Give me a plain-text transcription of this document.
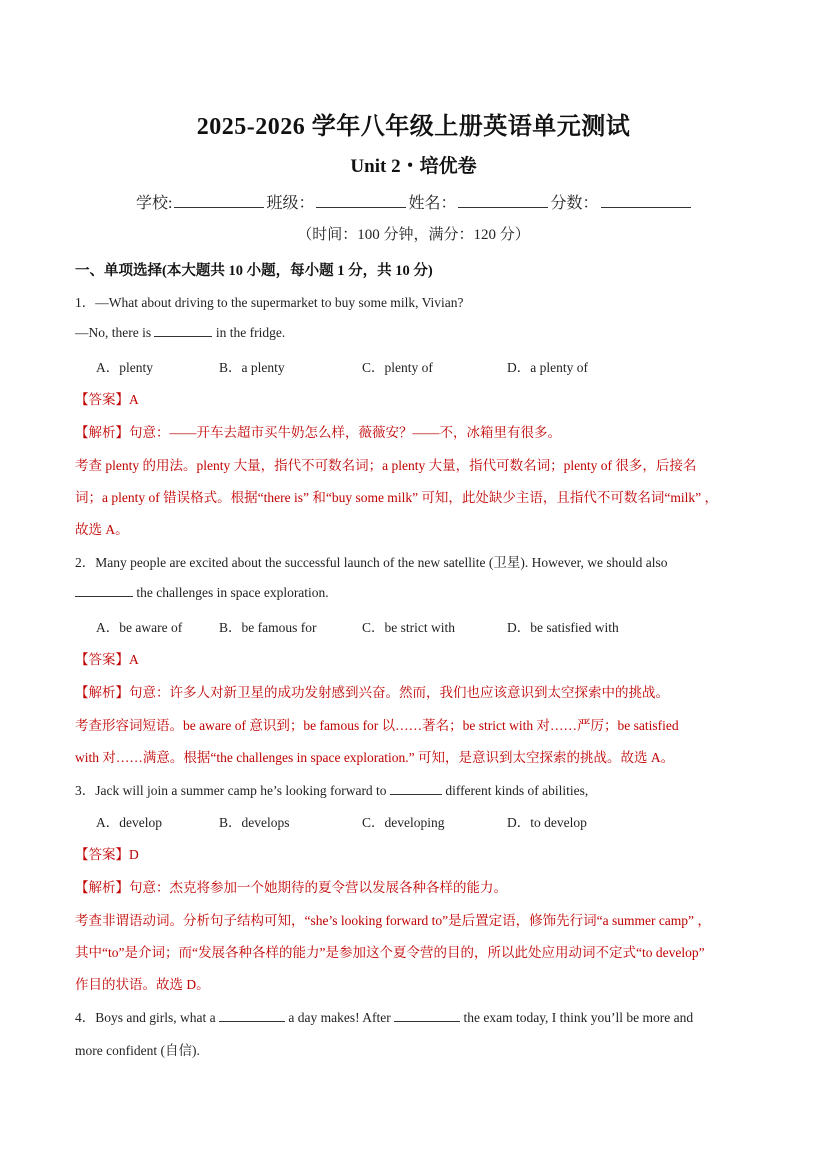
2025-2026 学年八年级上册英语单元测试
Unit 2・培优卷
学校:	班级：	姓名：	分数：
（时间：100 分钟，满分：120 分）
一、单项选择(本大题共 10 小题，每小题 1 分，共 10 分)
1．—What about driving to the supermarket to buy some milk, Vivian?
—No, there is	in the fridge.
A．plenty	B．a plenty	C．plenty of	D．a plenty of
【答案】A
【解析】句意：——开车去超市买牛奶怎么样，薇薇安？——不，冰箱里有很多。
考查 plenty 的用法。plenty 大量，指代不可数名词；a plenty 大量，指代可数名词；plenty of 很多，后接名
词；a plenty of 错误格式。根据“there is” 和“buy some milk” 可知，此处缺少主语，且指代不可数名词“milk” ，
故选 A。
2．Many people are excited about the successful launch of the new satellite (卫星). However, we should also
the challenges in space exploration.
A．be aware of	B．be famous for	C．be strict with	D．be satisfied with
【答案】A
【解析】句意：许多人对新卫星的成功发射感到兴奋。然而，我们也应该意识到太空探索中的挑战。
考查形容词短语。be aware of 意识到；be famous for 以……著名；be strict with 对……严厉；be satisfied
with 对……满意。根据“the challenges in space exploration.” 可知，是意识到太空探索的挑战。故选 A。
3．Jack will join a summer camp he’s looking forward to	different kinds of abilities,
A．develop	B．develops	C．developing	D．to develop
【答案】D
【解析】句意：杰克将参加一个她期待的夏令营以发展各种各样的能力。
考查非谓语动词。分析句子结构可知，“she’s looking forward to”是后置定语，修饰先行词“a summer camp” ，
其中“to”是介词；而“发展各种各样的能力”是参加这个夏令营的目的，所以此处应用动词不定式“to develop”
作目的状语。故选 D。
4．Boys and girls, what a	a day makes! After	the exam today, I think you’ll be more and
more confident (自信).
